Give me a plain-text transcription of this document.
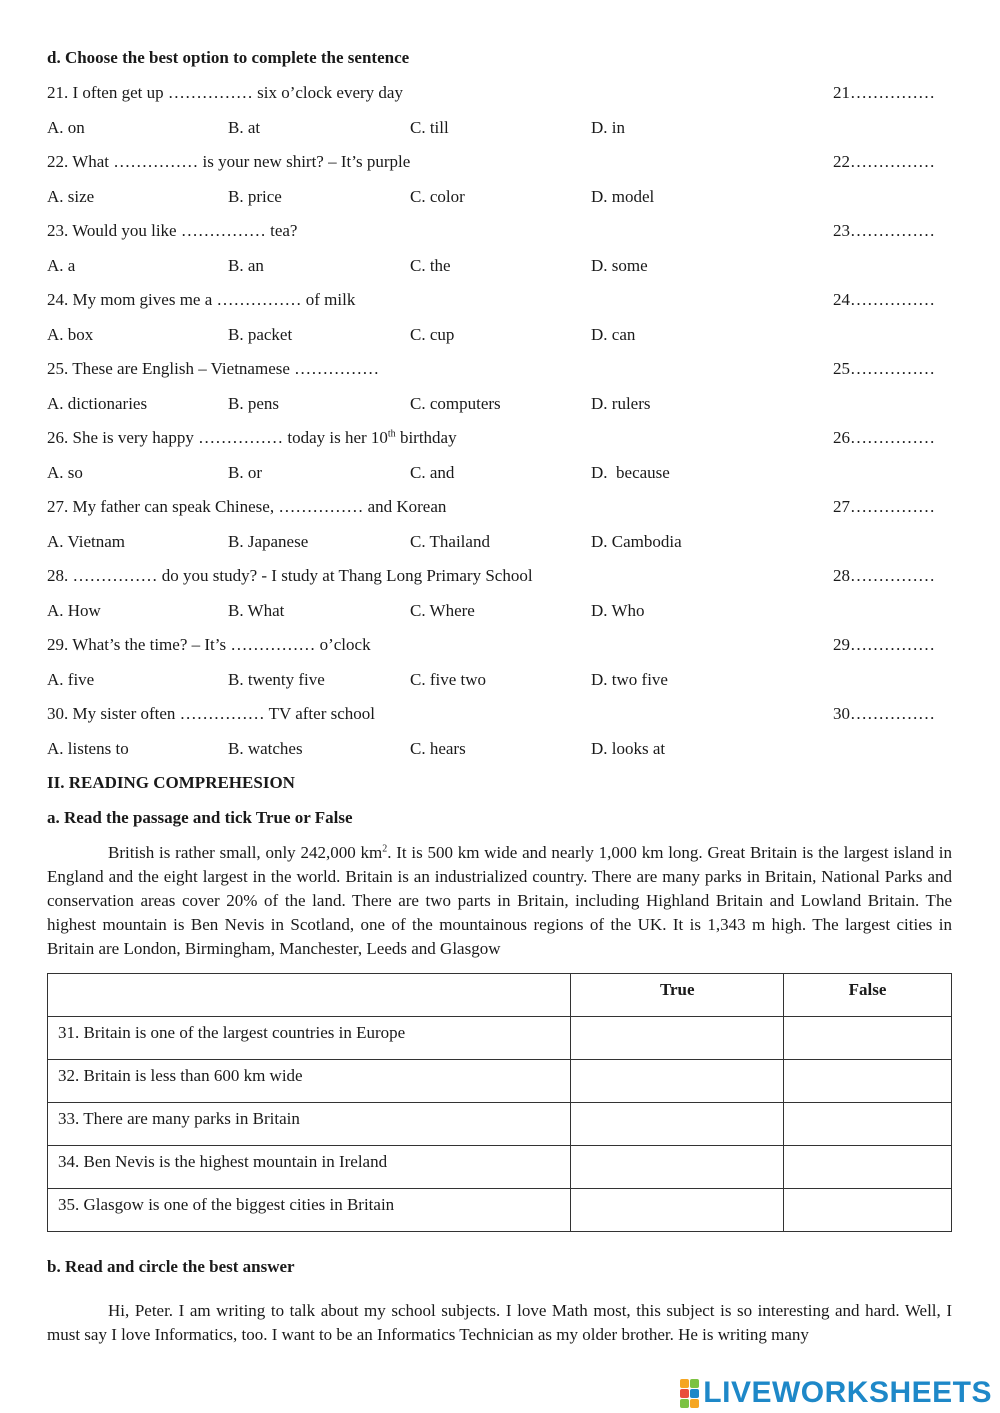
d. Choose the best option to complete the sentence
21. I often get up …………… six o’clock every day	21……………
A. on	B. at	C. till	D. in
22. What …………… is your new shirt? – It’s purple	22……………
A. size	B. price	C. color	D. model
23. Would you like …………… tea?	23……………
A. a	B. an	C. the	D. some
24. My mom gives me a …………… of milk	24……………
A. box	B. packet	C. cup	D. can
25. These are English – Vietnamese ……………	25……………
A. dictionaries	B. pens	C. computers	D. rulers
26. She is very happy …………… today is her 10th birthday	26……………
A. so	B. or	C. and	D.  because
27. My father can speak Chinese, …………… and Korean	27……………
A. Vietnam	B. Japanese	C. Thailand	D. Cambodia
28. …………… do you study? - I study at Thang Long Primary School	28……………
A. How	B. What	C. Where	D. Who
29. What’s the time? – It’s …………… o’clock	29……………
A. five	B. twenty five	C. five two	D. two five
30. My sister often …………… TV after school	30……………
A. listens to	B. watches	C. hears	D. looks at
II. READING COMPREHESION
a. Read the passage and tick True or False

British is rather small, only 242,000 $km^2$. It is 500 km wide and nearly 1,000 km long. Great Britain is the largest island in England and the eight largest in the world. Britain is an industrialized country. There are many parks in Britain, National Parks and conservation areas cover 20% of the land. There are two parts in Britain, including Highland Britain and Lowland Britain. The highest mountain is Ben Nevis in Scotland, one of the mountainous regions of the UK. It is 1,343 m high. The largest cities in Britain are London, Birmingham, Manchester, Leeds and Glasgow

	True	False
31. Britain is one of the largest countries in Europe		
32. Britain is less than 600 km wide		
33. There are many parks in Britain		
34. Ben Nevis is the highest mountain in Ireland		
35. Glasgow is one of the biggest cities in Britain		
b. Read and circle the best answer

Hi, Peter. I am writing to talk about my school subjects. I love Math most, this subject is so interesting and hard. Well, I must say I love Informatics, too. I want to be an Informatics Technician as my older brother. He is writing many

LIVEWORKSHEETS
